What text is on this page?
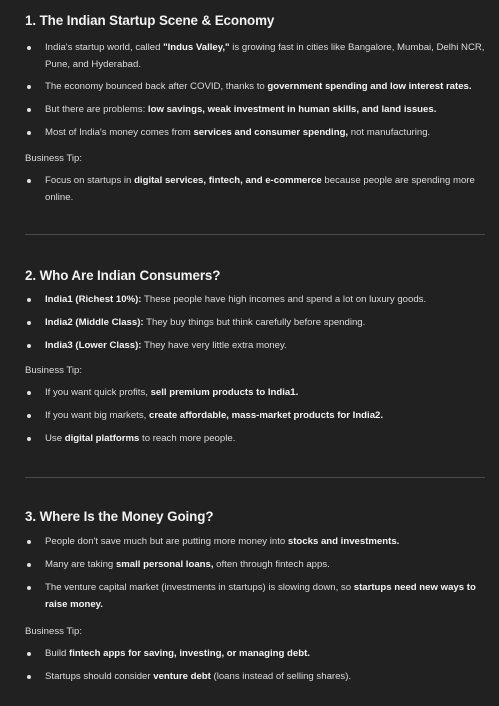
1. The Indian Startup Scene & Economy
India's startup world, called "Indus Valley," is growing fast in cities like Bangalore, Mumbai, Delhi NCR, Pune, and Hyderabad.
The economy bounced back after COVID, thanks to government spending and low interest rates.
But there are problems: low savings, weak investment in human skills, and land issues.
Most of India's money comes from services and consumer spending, not manufacturing.

Business Tip:

Focus on startups in digital services, fintech, and e-commerce because people are spending more online.
2. Who Are Indian Consumers?
India1 (Richest 10%): These people have high incomes and spend a lot on luxury goods.
India2 (Middle Class): They buy things but think carefully before spending.
India3 (Lower Class): They have very little extra money.

Business Tip:

If you want quick profits, sell premium products to India1.
If you want big markets, create affordable, mass-market products for India2.
Use digital platforms to reach more people.
3. Where Is the Money Going?
People don't save much but are putting more money into stocks and investments.
Many are taking small personal loans, often through fintech apps.
The venture capital market (investments in startups) is slowing down, so startups need new ways to raise money.

Business Tip:

Build fintech apps for saving, investing, or managing debt.
Startups should consider venture debt (loans instead of selling shares).
